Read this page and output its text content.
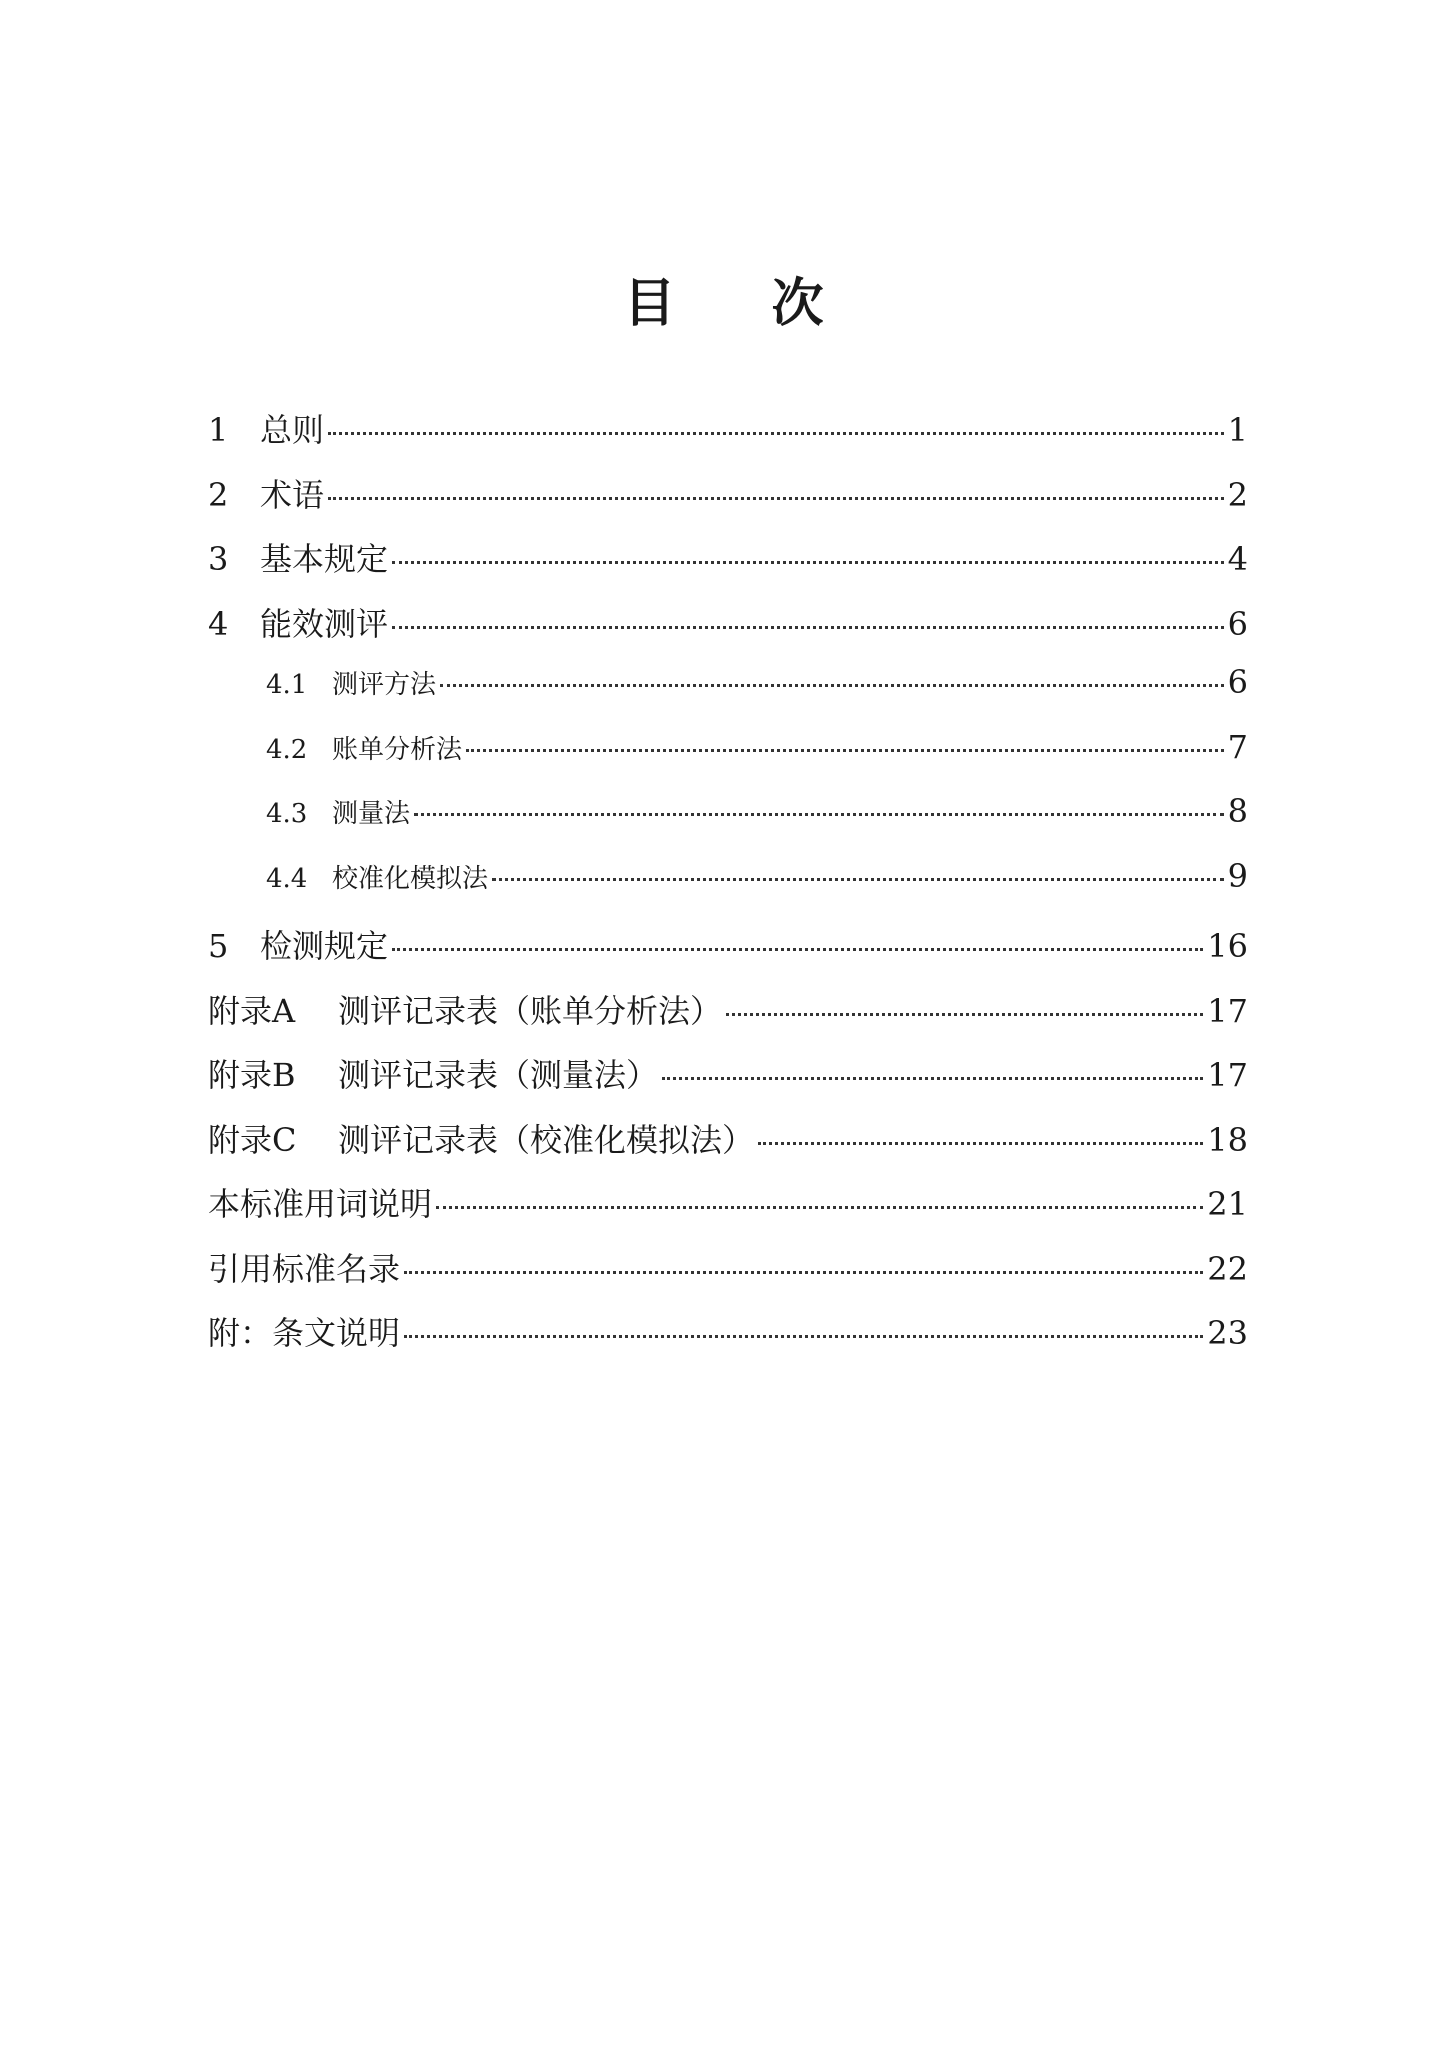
目 次
1 总则	1
2 术语	2
3 基本规定	4
4 能效测评	6
4.1 测评方法	6
4.2 账单分析法	7
4.3 测量法	8
4.4 校准化模拟法	9
5 检测规定	16
附录A	测评记录表（账单分析法）	17
附录B	测评记录表（测量法）	17
附录C	测评记录表（校准化模拟法）	18
本标准用词说明	21
引用标准名录	22
附：条文说明	23
